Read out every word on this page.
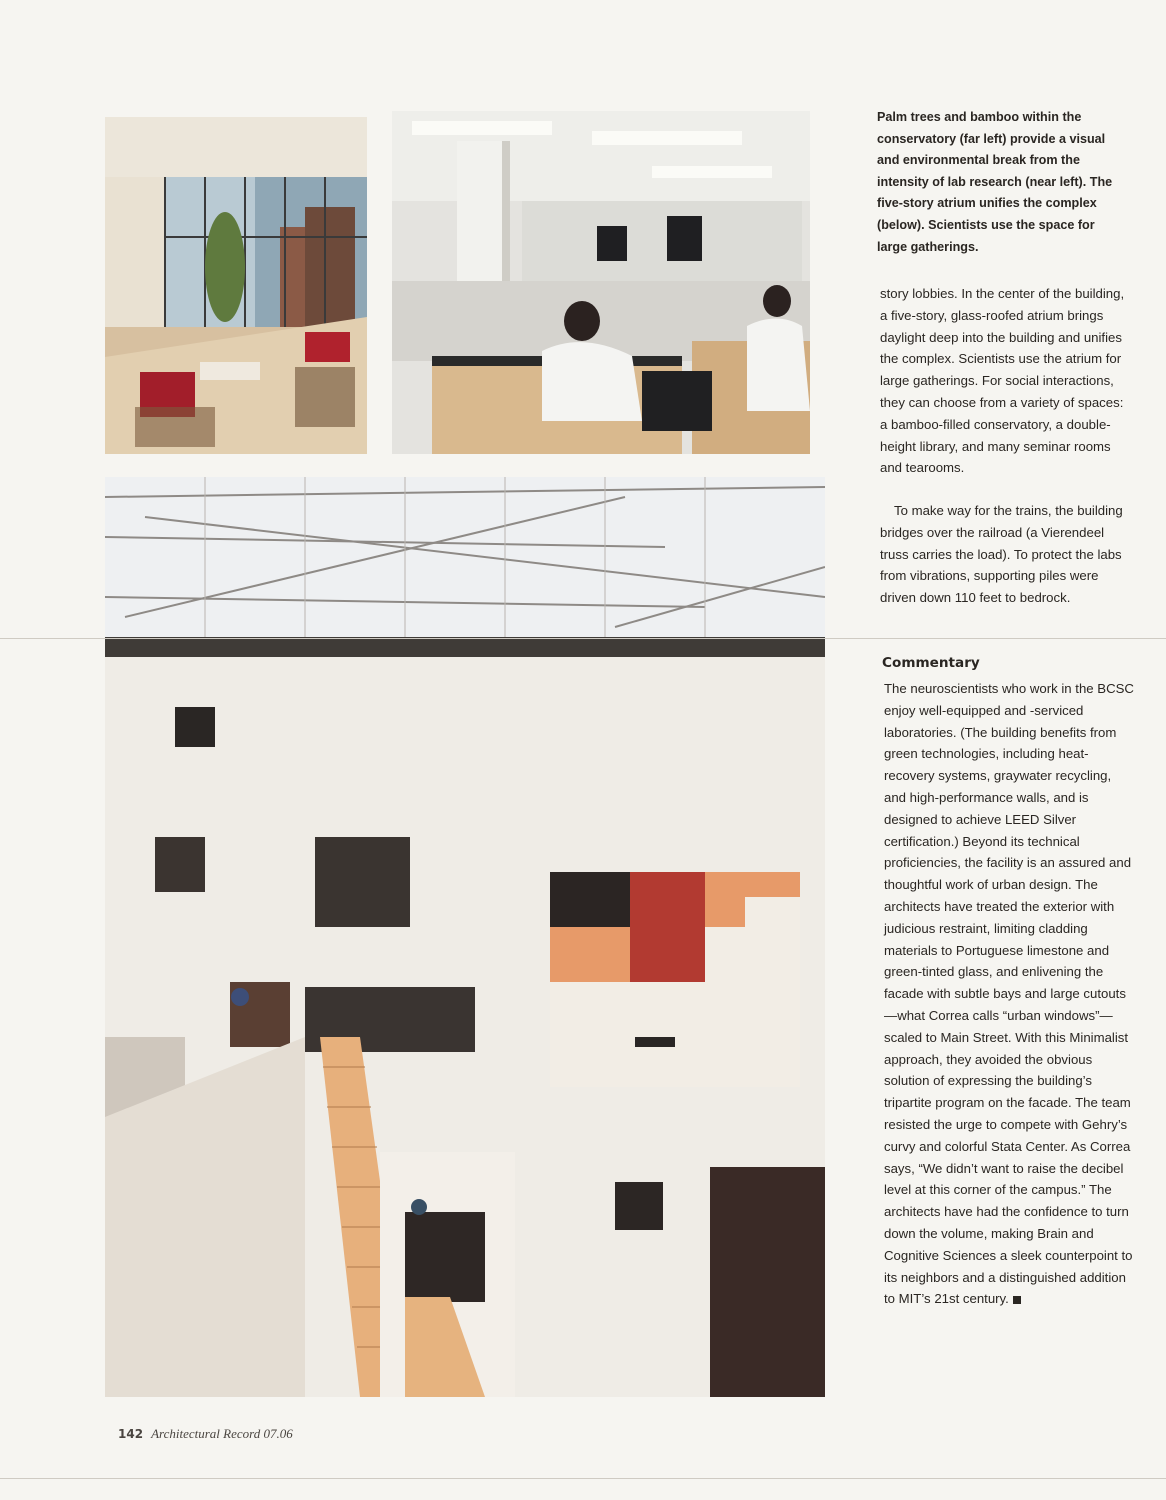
Palm trees and bamboo within the conservatory (far left) provide a visual and environmental break from the intensity of lab research (near left). The five-story atrium unifies the complex (below). Scientists use the space for large gatherings.

story lobbies. In the center of the building, a five-story, glass-roofed atrium brings daylight deep into the building and unifies the complex. Scientists use the atrium for large gatherings. For social interactions, they can choose from a variety of spaces: a bamboo-filled conservatory, a double-height library, and many seminar rooms and tearooms.

To make way for the trains, the building bridges over the railroad (a Vierendeel truss carries the load). To protect the labs from vibrations, supporting piles were driven down 110 feet to bedrock.

Commentary

The neuroscientists who work in the BCSC enjoy well-equipped and -serviced laboratories. (The building benefits from green technologies, including heat-recovery systems, graywater recycling, and high-performance walls, and is designed to achieve LEED Silver certification.) Beyond its technical proficiencies, the facility is an assured and thoughtful work of urban design. The architects have treated the exterior with judicious restraint, limiting cladding materials to Portuguese limestone and green-tinted glass, and enlivening the facade with subtle bays and large cutouts—what Correa calls “urban windows”—scaled to Main Street. With this Minimalist approach, they avoided the obvious solution of expressing the building’s tripartite program on the facade. The team resisted the urge to compete with Gehry’s curvy and colorful Stata Center. As Correa says, “We didn’t want to raise the decibel level at this corner of the campus.” The architects have had the confidence to turn down the volume, making Brain and Cognitive Sciences a sleek counterpoint to its neighbors and a distinguished addition to MIT’s 21st century.

142 Architectural Record 07.06
